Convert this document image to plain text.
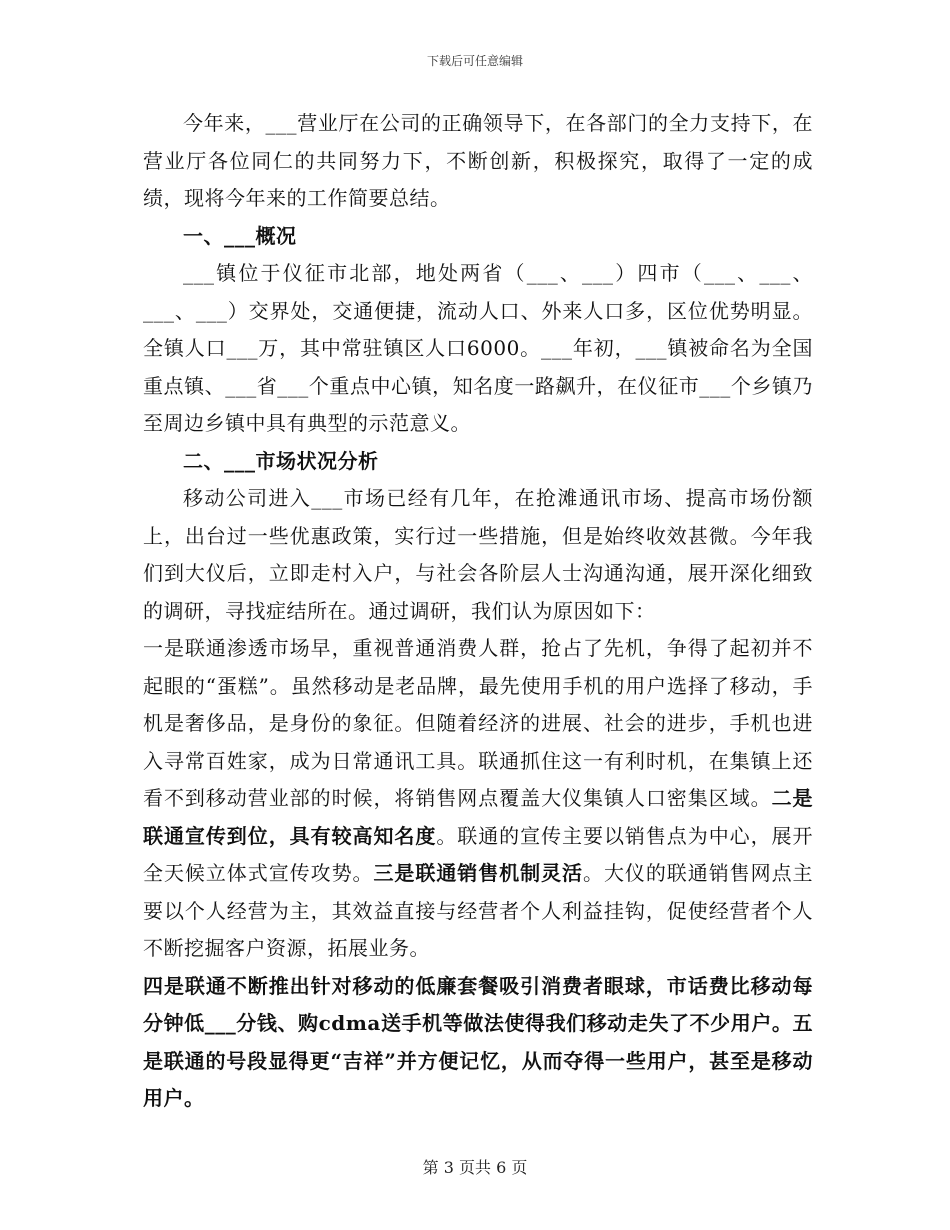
下载后可任意编辑

今年来，___营业厅在公司的正确领导下，在各部门的全力支持下，在营业厅各位同仁的共同努力下，不断创新，积极探究，取得了一定的成绩，现将今年来的工作简要总结。

一、___概况

___镇位于仪征市北部，地处两省（___、___）四市（___、___、___、___）交界处，交通便捷，流动人口、外来人口多，区位优势明显。全镇人口___万，其中常驻镇区人口6000。___年初，___镇被命名为全国重点镇、___省___个重点中心镇，知名度一路飙升，在仪征市___个乡镇乃至周边乡镇中具有典型的示范意义。

二、___市场状况分析

移动公司进入___市场已经有几年，在抢滩通讯市场、提高市场份额上，出台过一些优惠政策，实行过一些措施，但是始终收效甚微。今年我们到大仪后，立即走村入户，与社会各阶层人士沟通沟通，展开深化细致的调研，寻找症结所在。通过调研，我们认为原因如下：

一是联通渗透市场早，重视普通消费人群，抢占了先机，争得了起初并不起眼的“蛋糕”。虽然移动是老品牌，最先使用手机的用户选择了移动，手机是奢侈品，是身份的象征。但随着经济的进展、社会的进步，手机也进入寻常百姓家，成为日常通讯工具。联通抓住这一有利时机，在集镇上还看不到移动营业部的时候，将销售网点覆盖大仪集镇人口密集区域。二是联通宣传到位，具有较高知名度。联通的宣传主要以销售点为中心，展开全天候立体式宣传攻势。三是联通销售机制灵活。大仪的联通销售网点主要以个人经营为主，其效益直接与经营者个人利益挂钩，促使经营者个人不断挖掘客户资源，拓展业务。

四是联通不断推出针对移动的低廉套餐吸引消费者眼球，市话费比移动每分钟低___分钱、购cdma送手机等做法使得我们移动走失了不少用户。五是联通的号段显得更“吉祥”并方便记忆，从而夺得一些用户，甚至是移动用户。

第 3 页共 6 页
